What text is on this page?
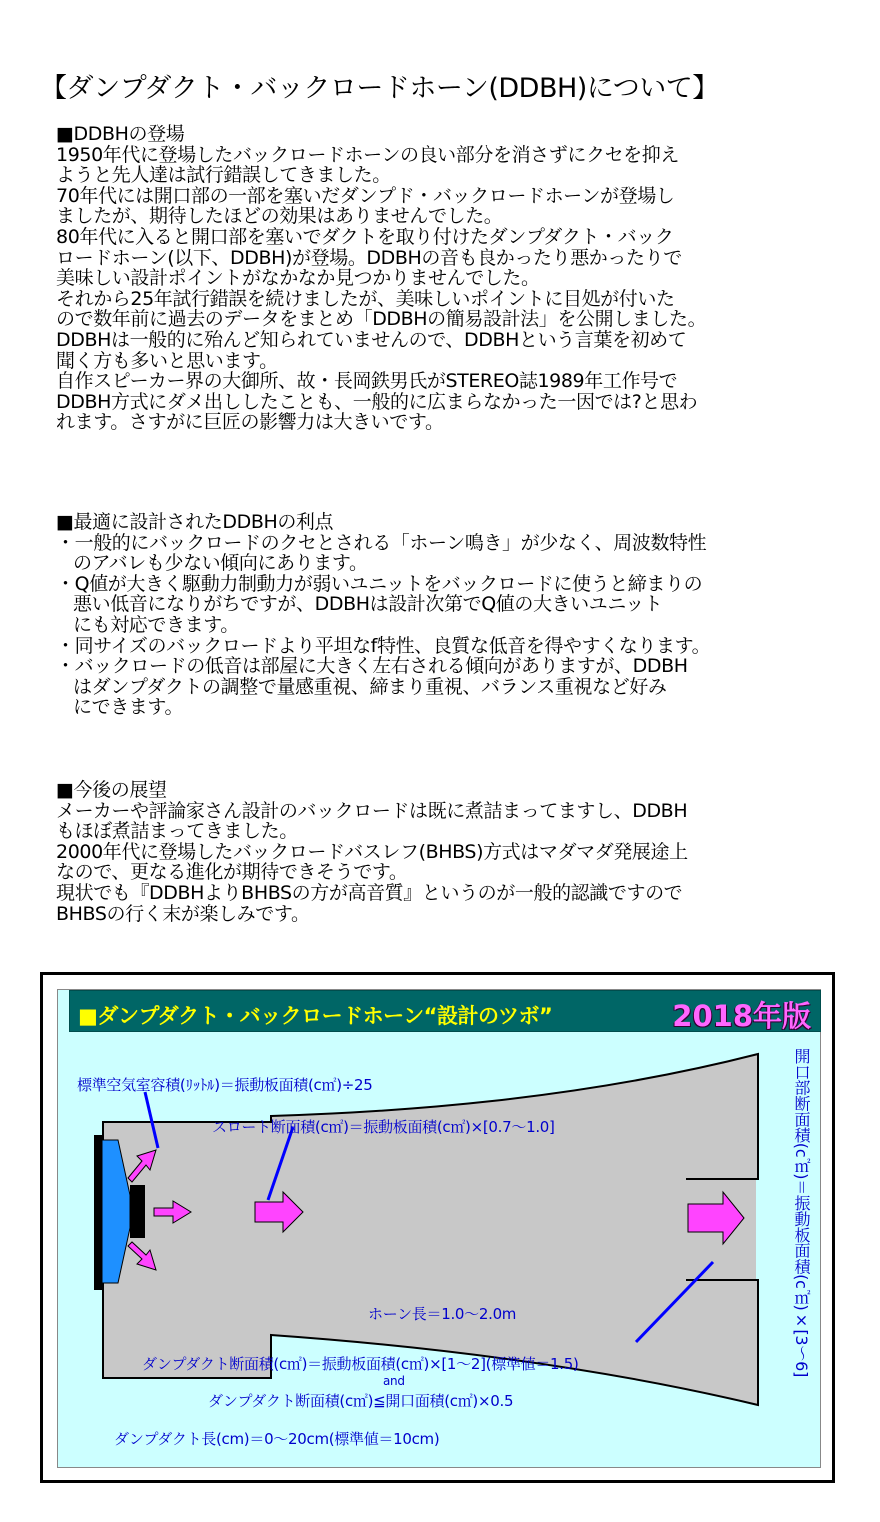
【ダンプダクト・バックロードホーン(DDBH)について】
■DDBHの登場
1950年代に登場したバックロードホーンの良い部分を消さずにクセを抑え
ようと先人達は試行錯誤してきました。
70年代には開口部の一部を塞いだダンプド・バックロードホーンが登場し
ましたが、期待したほどの効果はありませんでした。
80年代に入ると開口部を塞いでダクトを取り付けたダンプダクト・バック
ロードホーン(以下、DDBH)が登場。DDBHの音も良かったり悪かったりで
美味しい設計ポイントがなかなか見つかりませんでした。
それから25年試行錯誤を続けましたが、美味しいポイントに目処が付いた
ので数年前に過去のデータをまとめ「DDBHの簡易設計法」を公開しました。
DDBHは一般的に殆んど知られていませんので、DDBHという言葉を初めて
聞く方も多いと思います。
自作スピーカー界の大御所、故・長岡鉄男氏がSTEREO誌1989年工作号で
DDBH方式にダメ出ししたことも、一般的に広まらなかった一因では?と思わ
れます。さすがに巨匠の影響力は大きいです。
■最適に設計されたDDBHの利点
・一般的にバックロードのクセとされる「ホーン鳴き」が少なく、周波数特性
のアバレも少ない傾向にあります。
・Q値が大きく駆動力制動力が弱いユニットをバックロードに使うと締まりの
悪い低音になりがちですが、DDBHは設計次第でQ値の大きいユニット
にも対応できます。
・同サイズのバックロードより平坦なf特性、良質な低音を得やすくなります。
・バックロードの低音は部屋に大きく左右される傾向がありますが、DDBH
はダンプダクトの調整で量感重視、締まり重視、バランス重視など好み
にできます。
■今後の展望
メーカーや評論家さん設計のバックロードは既に煮詰まってますし、DDBH
もほぼ煮詰まってきました。
2000年代に登場したバックロードバスレフ(BHBS)方式はマダマダ発展途上
なので、更なる進化が期待できそうです。
現状でも『DDBHよりBHBSの方が高音質』というのが一般的認識ですので
BHBSの行く末が楽しみです。
■ダンプダクト・バックロードホーン“設計のツボ”	2018年版
標準空気室容積(ﾘｯﾄﾙ)＝振動板面積(c㎡)÷25
スロート断面積(c㎡)＝振動板面積(c㎡)×[0.7～1.0]
ホーン長＝1.0～2.0m
ダンプダクト断面積(c㎡)＝振動板面積(c㎡)×[1～2](標準値＝1.5)
and
ダンプダクト断面積(c㎡)≦開口面積(c㎡)×0.5
ダンプダクト長(cm)＝0～20cm(標準値＝10cm)
開口部断面積(c㎡)＝振動板面積(c㎡)×[3～6]
